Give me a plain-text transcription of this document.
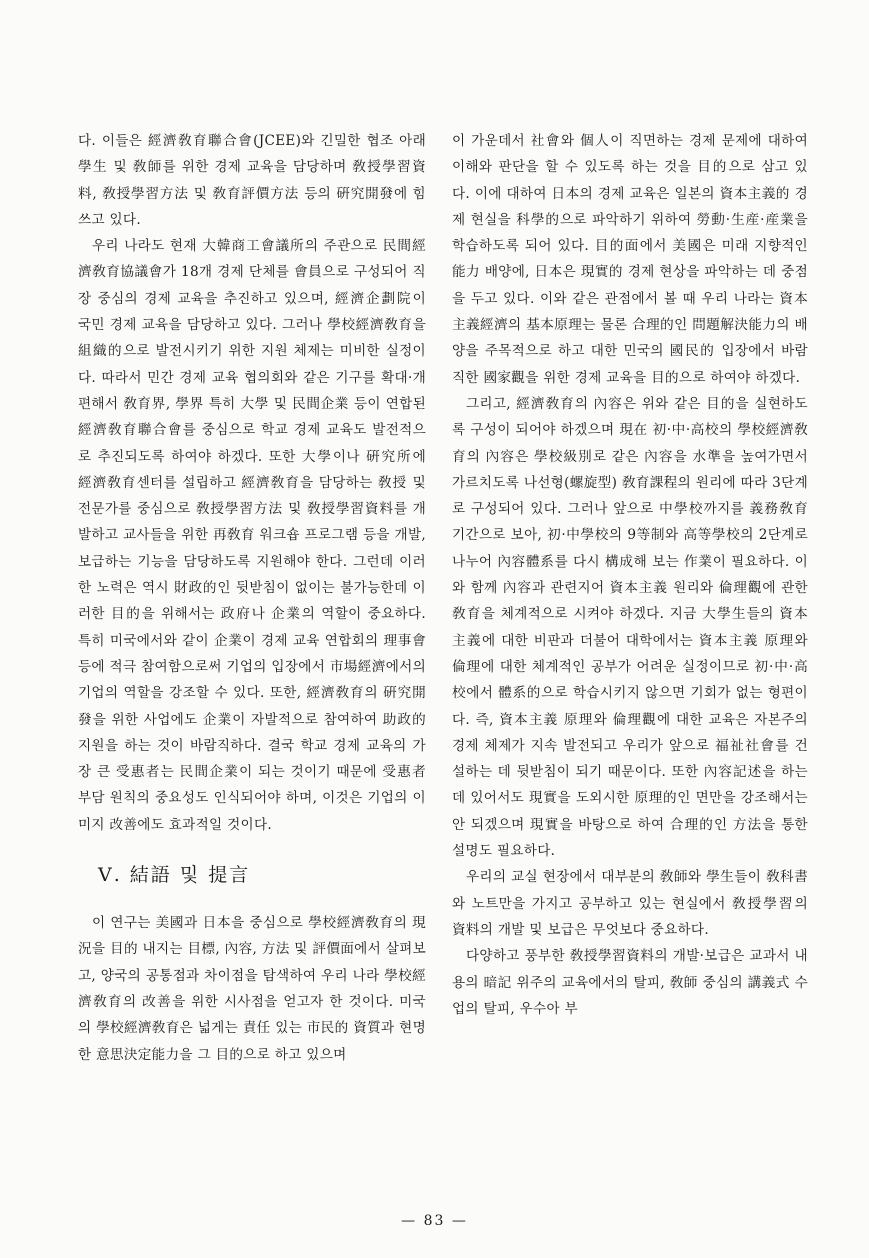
다. 이들은 經濟敎育聯合會(JCEE)와 긴밀한 협조 아래 學生 및 敎師를 위한 경제 교육을 담당하며 敎授學習資料, 敎授學習方法 및 敎育評價方法 등의 硏究開發에 힘쓰고 있다.

우리 나라도 현재 大韓商工會議所의 주관으로 民間經濟敎育協議會가 18개 경제 단체를 會員으로 구성되어 직장 중심의 경제 교육을 추진하고 있으며, 經濟企劃院이 국민 경제 교육을 담당하고 있다. 그러나 學校經濟敎育을 組織的으로 발전시키기 위한 지원 체제는 미비한 실정이다. 따라서 민간 경제 교육 협의회와 같은 기구를 확대·개편해서 敎育界, 學界 특히 大學 및 民間企業 등이 연합된 經濟敎育聯合會를 중심으로 학교 경제 교육도 발전적으로 추진되도록 하여야 하겠다. 또한 大學이나 硏究所에 經濟敎育센터를 설립하고 經濟敎育을 담당하는 敎授 및 전문가를 중심으로 敎授學習方法 및 敎授學習資料를 개발하고 교사들을 위한 再敎育 워크숍 프로그램 등을 개발, 보급하는 기능을 담당하도록 지원해야 한다. 그런데 이러한 노력은 역시 財政的인 뒷받침이 없이는 불가능한데 이러한 目的을 위해서는 政府나 企業의 역할이 중요하다. 특히 미국에서와 같이 企業이 경제 교육 연합회의 理事會 등에 적극 참여함으로써 기업의 입장에서 市場經濟에서의 기업의 역할을 강조할 수 있다. 또한, 經濟敎育의 硏究開發을 위한 사업에도 企業이 자발적으로 참여하여 助政的 지원을 하는 것이 바람직하다. 결국 학교 경제 교육의 가장 큰 受惠者는 民間企業이 되는 것이기 때문에 受惠者 부담 원칙의 중요성도 인식되어야 하며, 이것은 기업의 이미지 改善에도 효과적일 것이다.

Ⅴ. 結語 및 提言

이 연구는 美國과 日本을 중심으로 學校經濟敎育의 現況을 目的 내지는 目標, 內容, 方法 및 評價面에서 살펴보고, 양국의 공통점과 차이점을 탐색하여 우리 나라 學校經濟敎育의 改善을 위한 시사점을 얻고자 한 것이다. 미국의 學校經濟敎育은 넓게는 責任 있는 市民的 資質과 현명한 意思決定能力을 그 目的으로 하고 있으며

이 가운데서 社會와 個人이 직면하는 경제 문제에 대하여 이해와 판단을 할 수 있도록 하는 것을 目的으로 삼고 있다. 이에 대하여 日本의 경제 교육은 일본의 資本主義的 경제 현실을 科學的으로 파악하기 위하여 勞動·生産·産業을 학습하도록 되어 있다. 目的面에서 美國은 미래 지향적인 能力 배양에, 日本은 現實的 경제 현상을 파악하는 데 중점을 두고 있다. 이와 같은 관점에서 볼 때 우리 나라는 資本主義經濟의 基本原理는 물론 合理的인 問題解決能力의 배양을 주목적으로 하고 대한 민국의 國民的 입장에서 바람직한 國家觀을 위한 경제 교육을 目的으로 하여야 하겠다.

그리고, 經濟敎育의 內容은 위와 같은 目的을 실현하도록 구성이 되어야 하겠으며 現在 初·中·高校의 學校經濟敎育의 內容은 學校級別로 같은 內容을 水準을 높여가면서 가르치도록 나선형(螺旋型) 敎育課程의 원리에 따라 3단계로 구성되어 있다. 그러나 앞으로 中學校까지를 義務敎育 기간으로 보아, 初·中學校의 9等制와 高等學校의 2단계로 나누어 內容體系를 다시 構成해 보는 作業이 필요하다. 이와 함께 內容과 관련지어 資本主義 원리와 倫理觀에 관한 敎育을 체계적으로 시켜야 하겠다. 지금 大學生들의 資本主義에 대한 비판과 더불어 대학에서는 資本主義 原理와 倫理에 대한 체계적인 공부가 어려운 실정이므로 初·中·高校에서 體系的으로 학습시키지 않으면 기회가 없는 형편이다. 즉, 資本主義 原理와 倫理觀에 대한 교육은 자본주의 경제 체제가 지속 발전되고 우리가 앞으로 福祉社會를 건설하는 데 뒷받침이 되기 때문이다. 또한 內容記述을 하는 데 있어서도 現實을 도외시한 原理的인 면만을 강조해서는 안 되겠으며 現實을 바탕으로 하여 合理的인 方法을 통한 설명도 필요하다.

우리의 교실 현장에서 대부분의 敎師와 學生들이 敎科書와 노트만을 가지고 공부하고 있는 현실에서 敎授學習의 資料의 개발 및 보급은 무엇보다 중요하다.

다양하고 풍부한 敎授學習資料의 개발·보급은 교과서 내용의 暗記 위주의 교육에서의 탈피, 敎師 중심의 講義式 수업의 탈피, 우수아 부

— 83 —
